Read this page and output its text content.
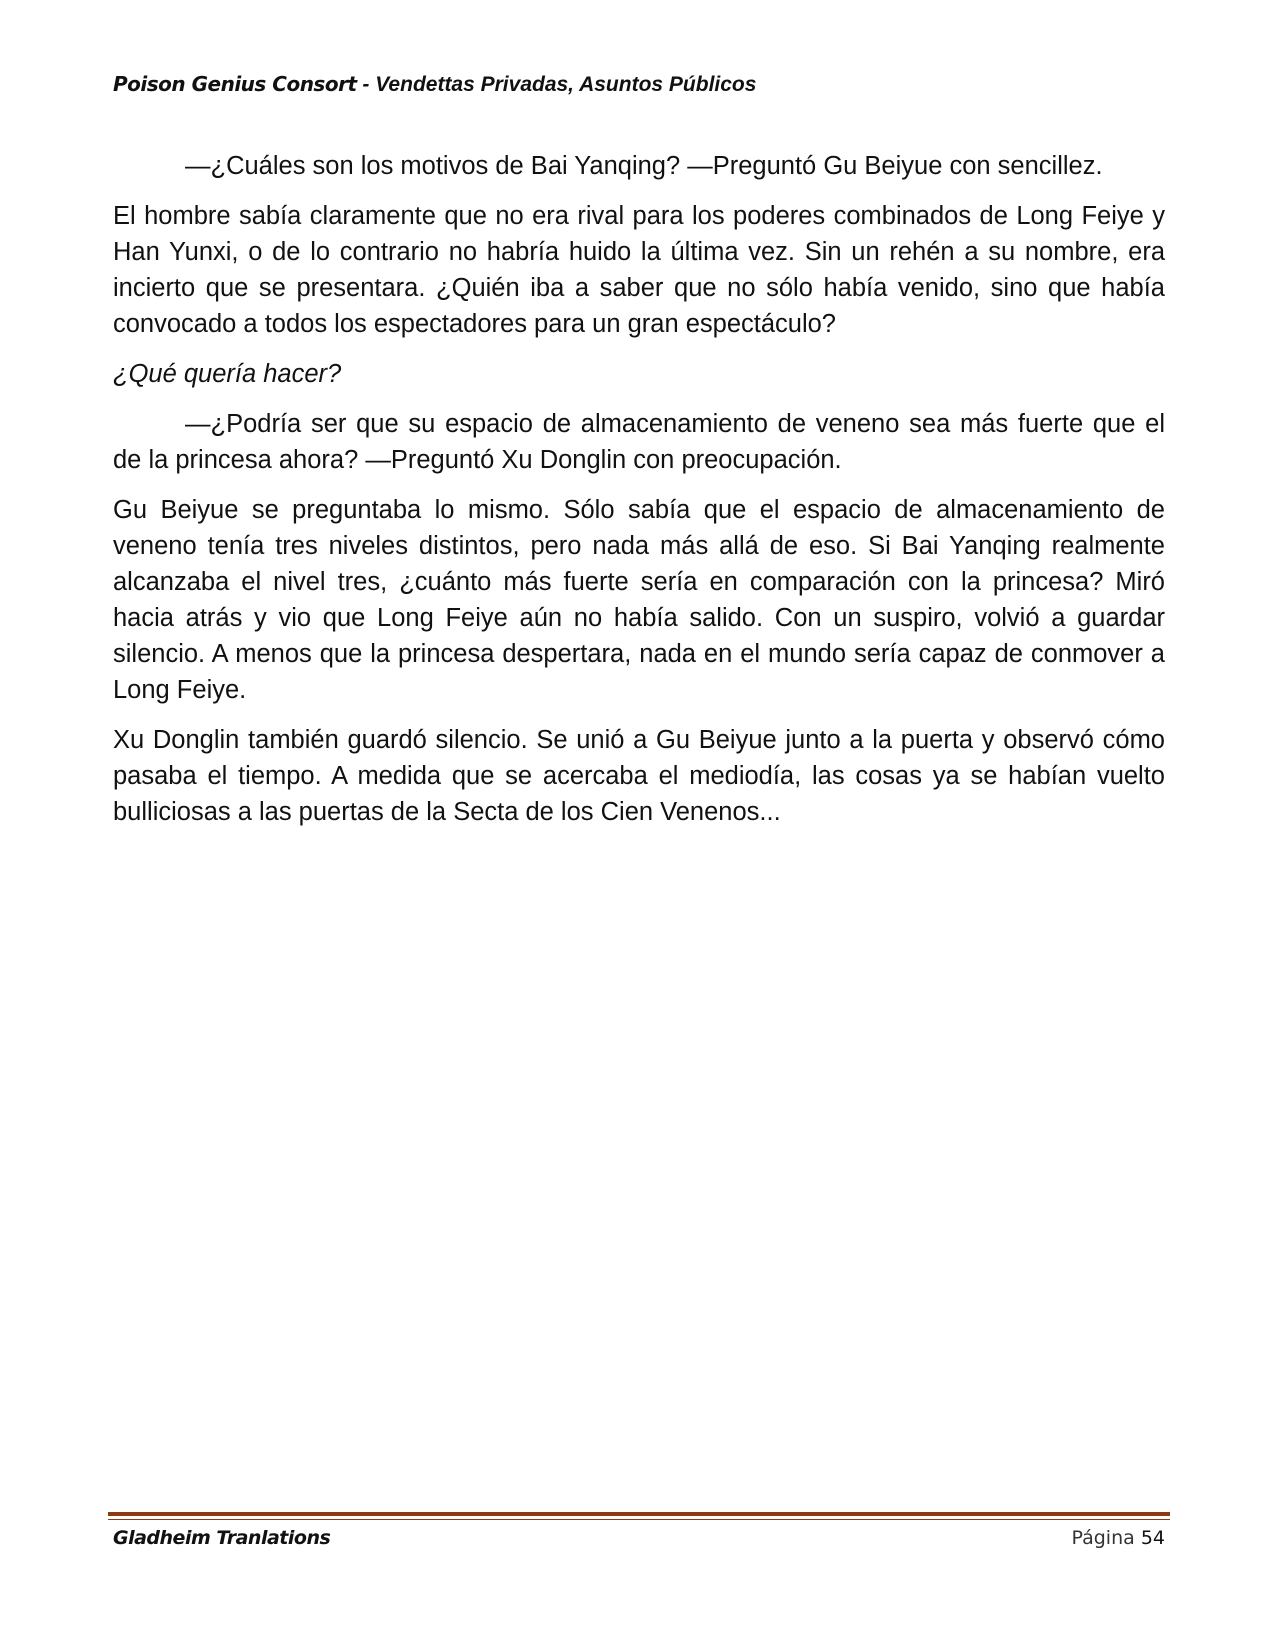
Poison Genius Consort - Vendettas Privadas, Asuntos Públicos

—¿Cuáles son los motivos de Bai Yanqing? —Preguntó Gu Beiyue con sencillez.

El hombre sabía claramente que no era rival para los poderes combinados de Long Feiye y Han Yunxi, o de lo contrario no habría huido la última vez. Sin un rehén a su nombre, era incierto que se presentara. ¿Quién iba a saber que no sólo había venido, sino que había convocado a todos los espectadores para un gran espectáculo?

¿Qué quería hacer?

—¿Podría ser que su espacio de almacenamiento de veneno sea más fuerte que el de la princesa ahora? —Preguntó Xu Donglin con preocupación.

Gu Beiyue se preguntaba lo mismo. Sólo sabía que el espacio de almacenamiento de veneno tenía tres niveles distintos, pero nada más allá de eso. Si Bai Yanqing realmente alcanzaba el nivel tres, ¿cuánto más fuerte sería en comparación con la princesa? Miró hacia atrás y vio que Long Feiye aún no había salido. Con un suspiro, volvió a guardar silencio. A menos que la princesa despertara, nada en el mundo sería capaz de conmover a Long Feiye.

Xu Donglin también guardó silencio. Se unió a Gu Beiyue junto a la puerta y observó cómo pasaba el tiempo. A medida que se acercaba el mediodía, las cosas ya se habían vuelto bulliciosas a las puertas de la Secta de los Cien Venenos...

Gladheim Tranlations	Página 54
